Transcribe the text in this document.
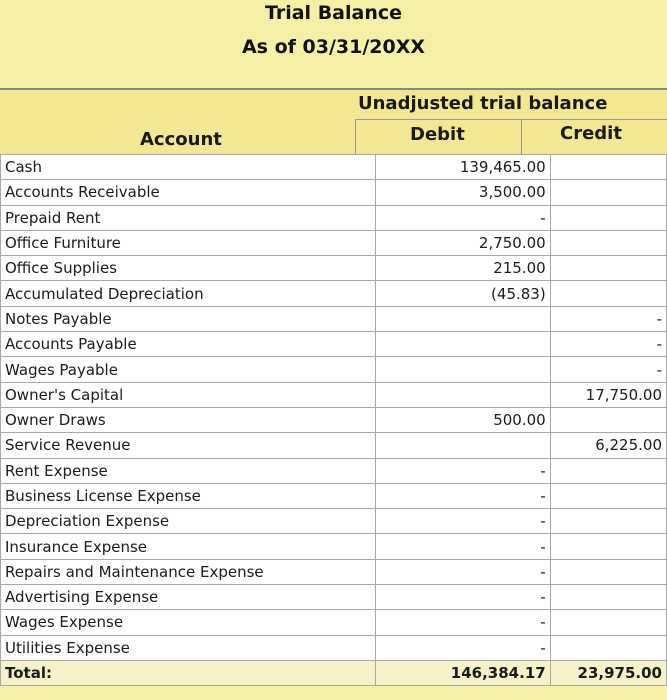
Trial Balance
As of 03/31/20XX
Unadjusted trial balance
Account	Debit	Credit
Cash	139,465.00	
Accounts Receivable	3,500.00	
Prepaid Rent	-	
Office Furniture	2,750.00	
Office Supplies	215.00	
Accumulated Depreciation	(45.83)	
Notes Payable		-
Accounts Payable		-
Wages Payable		-
Owner's Capital		17,750.00
Owner Draws	500.00	
Service Revenue		6,225.00
Rent Expense	-	
Business License Expense	-	
Depreciation Expense	-	
Insurance Expense	-	
Repairs and Maintenance Expense	-	
Advertising Expense	-	
Wages Expense	-	
Utilities Expense	-	
Total:	146,384.17	23,975.00
